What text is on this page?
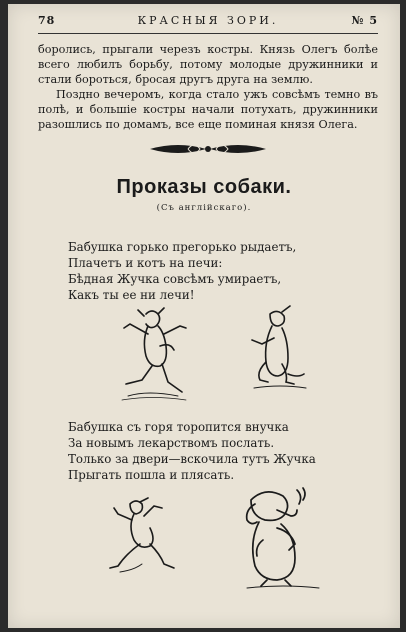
78	КРАСНЫЯ ЗОРИ.	№ 5

боролись, прыгали черезъ костры. Князь Олегъ болѣе всего любилъ борьбу, потому молодые дружинники и стали бороться, бросая другъ друга на землю.

Поздно вечеромъ, когда стало ужъ совсѣмъ темно въ полѣ, и большіе костры начали потухать, дружинники разошлись по домамъ, все еще поминая князя Олега.

Проказы собаки.
(Съ англійскаго).
Бабушка горько прегорько рыдаетъ,
Плачетъ и котъ на печи:
Бѣдная Жучка совсѣмъ умираетъ,
Какъ ты ее ни лечи!
Бабушка съ горя торопится внучка
За новымъ лекарствомъ послать.
Только за двери—вскочила тутъ Жучка
Прыгать пошла и плясать.
